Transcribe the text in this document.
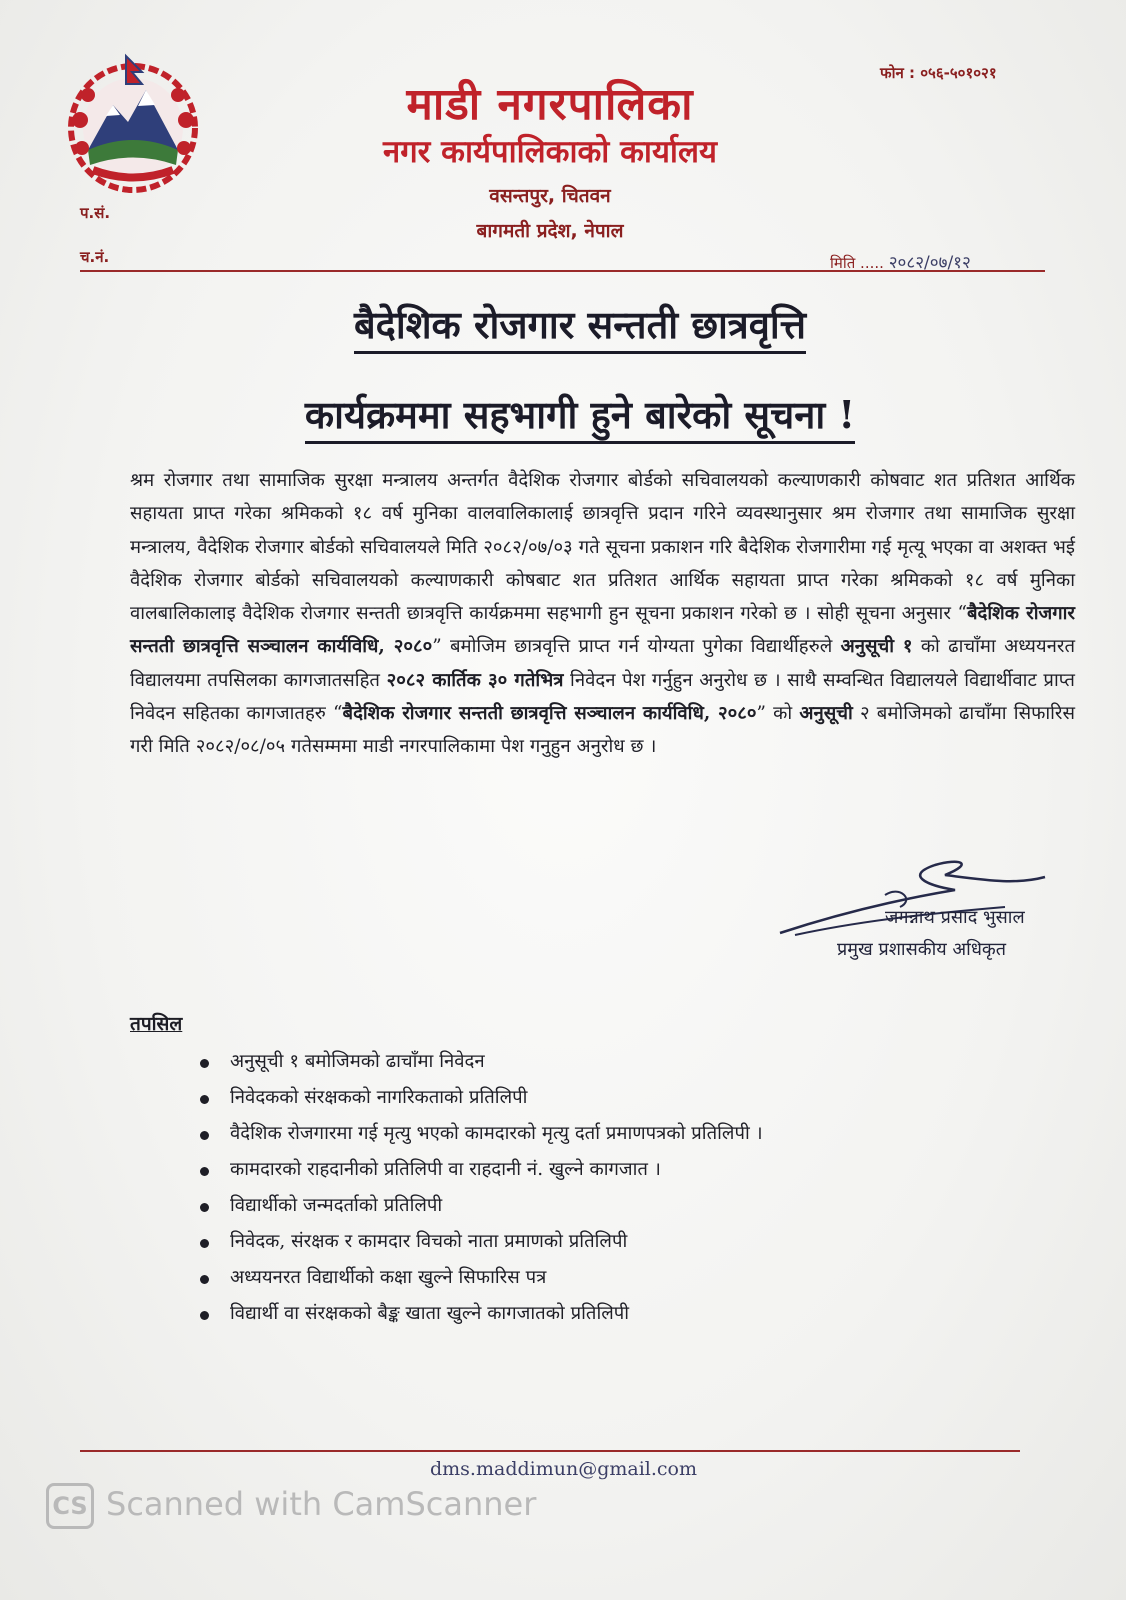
प.सं.
च.नं.
माडी नगरपालिका
नगर कार्यपालिकाको कार्यालय
वसन्तपुर, चितवन
बागमती प्रदेश, नेपाल
फोन : ०५६-५०१०२१
मिति ..... २०८२/०७/१२
बैदेशिक रोजगार सन्तती छात्रवृत्ति
कार्यक्रममा सहभागी हुने बारेको सूचना !
श्रम रोजगार तथा सामाजिक सुरक्षा मन्त्रालय अन्तर्गत वैदेशिक रोजगार बोर्डको सचिवालयको कल्याणकारी कोषवाट शत प्रतिशत आर्थिक सहायता प्राप्त गरेका श्रमिकको १८ वर्ष मुनिका वालवालिकालाई छात्रवृत्ति प्रदान गरिने व्यवस्थानुसार श्रम रोजगार तथा सामाजिक सुरक्षा मन्त्रालय, वैदेशिक रोजगार बोर्डको सचिवालयले मिति २०८२/०७/०३ गते सूचना प्रकाशन गरि बैदेशिक रोजगारीमा गई मृत्यू भएका वा अशक्त भई वैदेशिक रोजगार बोर्डको सचिवालयको कल्याणकारी कोषबाट शत प्रतिशत आर्थिक सहायता प्राप्त गरेका श्रमिकको १८ वर्ष मुनिका वालबालिकालाइ वैदेशिक रोजगार सन्तती छात्रवृत्ति कार्यक्रममा सहभागी हुन सूचना प्रकाशन गरेको छ । सोही सूचना अनुसार “बैदेशिक रोजगार सन्तती छात्रवृत्ति सञ्चालन कार्यविधि, २०८०” बमोजिम छात्रवृत्ति प्राप्त गर्न योग्यता पुगेका विद्यार्थीहरुले अनुसूची १ को ढाचाँमा अध्ययनरत विद्यालयमा तपसिलका कागजातसहित २०८२ कार्तिक ३० गतेभित्र निवेदन पेश गर्नुहुन अनुरोध छ । साथै सम्वन्धित विद्यालयले विद्यार्थीवाट प्राप्त निवेदन सहितका कागजातहरु “बैदेशिक रोजगार सन्तती छात्रवृत्ति सञ्चालन कार्यविधि, २०८०” को अनुसूची २ बमोजिमको ढाचाँमा सिफारिस गरी मिति २०८२/०८/०५ गतेसम्ममा माडी नगरपालिकामा पेश गनुहुन अनुरोध छ ।
जगन्नाथ प्रसाद भुसाल
प्रमुख प्रशासकीय अधिकृत
तपसिल
अनुसूची १ बमोजिमको ढाचाँमा निवेदन
निवेदकको संरक्षकको नागरिकताको प्रतिलिपी
वैदेशिक रोजगारमा गई मृत्यु भएको कामदारको मृत्यु दर्ता प्रमाणपत्रको प्रतिलिपी ।
कामदारको राहदानीको प्रतिलिपी वा राहदानी नं. खुल्ने कागजात ।
विद्यार्थीको जन्मदर्ताको प्रतिलिपी
निवेदक, संरक्षक र कामदार विचको नाता प्रमाणको प्रतिलिपी
अध्ययनरत विद्यार्थीको कक्षा खुल्ने सिफारिस पत्र
विद्यार्थी वा संरक्षकको बैङ्क खाता खुल्ने कागजातको प्रतिलिपी
dms.maddimun@gmail.com
CS Scanned with CamScanner
